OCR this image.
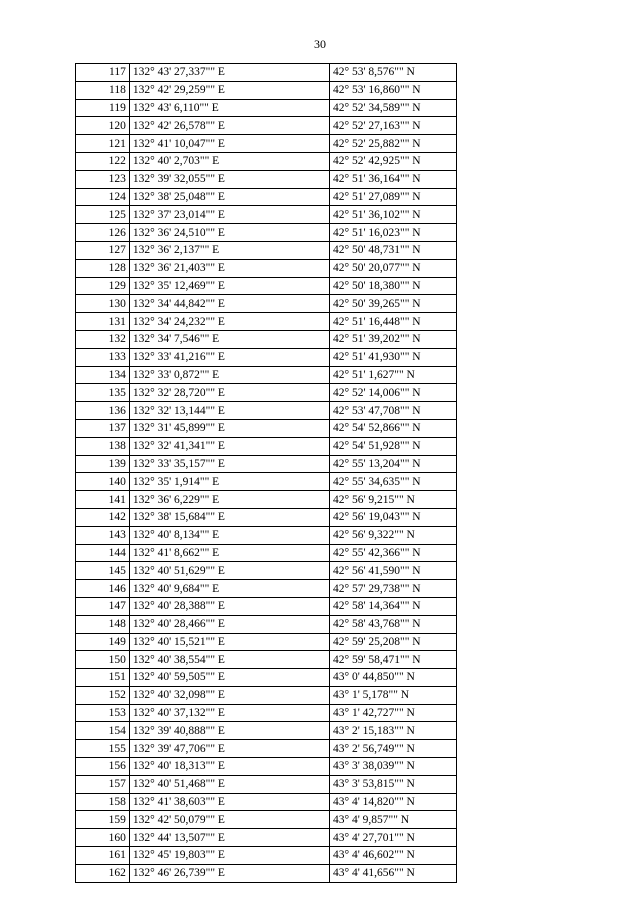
30
117	132° 43' 27,337"" E	42° 53' 8,576"" N
118	132° 42' 29,259"" E	42° 53' 16,860"" N
119	132° 43' 6,110"" E	42° 52' 34,589"" N
120	132° 42' 26,578"" E	42° 52' 27,163"" N
121	132° 41' 10,047"" E	42° 52' 25,882"" N
122	132° 40' 2,703"" E	42° 52' 42,925"" N
123	132° 39' 32,055"" E	42° 51' 36,164"" N
124	132° 38' 25,048"" E	42° 51' 27,089"" N
125	132° 37' 23,014"" E	42° 51' 36,102"" N
126	132° 36' 24,510"" E	42° 51' 16,023"" N
127	132° 36' 2,137"" E	42° 50' 48,731"" N
128	132° 36' 21,403"" E	42° 50' 20,077"" N
129	132° 35' 12,469"" E	42° 50' 18,380"" N
130	132° 34' 44,842"" E	42° 50' 39,265"" N
131	132° 34' 24,232"" E	42° 51' 16,448"" N
132	132° 34' 7,546"" E	42° 51' 39,202"" N
133	132° 33' 41,216"" E	42° 51' 41,930"" N
134	132° 33' 0,872"" E	42° 51' 1,627"" N
135	132° 32' 28,720"" E	42° 52' 14,006"" N
136	132° 32' 13,144"" E	42° 53' 47,708"" N
137	132° 31' 45,899"" E	42° 54' 52,866"" N
138	132° 32' 41,341"" E	42° 54' 51,928"" N
139	132° 33' 35,157"" E	42° 55' 13,204"" N
140	132° 35' 1,914"" E	42° 55' 34,635"" N
141	132° 36' 6,229"" E	42° 56' 9,215"" N
142	132° 38' 15,684"" E	42° 56' 19,043"" N
143	132° 40' 8,134"" E	42° 56' 9,322"" N
144	132° 41' 8,662"" E	42° 55' 42,366"" N
145	132° 40' 51,629"" E	42° 56' 41,590"" N
146	132° 40' 9,684"" E	42° 57' 29,738"" N
147	132° 40' 28,388"" E	42° 58' 14,364"" N
148	132° 40' 28,466"" E	42° 58' 43,768"" N
149	132° 40' 15,521"" E	42° 59' 25,208"" N
150	132° 40' 38,554"" E	42° 59' 58,471"" N
151	132° 40' 59,505"" E	43° 0' 44,850"" N
152	132° 40' 32,098"" E	43° 1' 5,178"" N
153	132° 40' 37,132"" E	43° 1' 42,727"" N
154	132° 39' 40,888"" E	43° 2' 15,183"" N
155	132° 39' 47,706"" E	43° 2' 56,749"" N
156	132° 40' 18,313"" E	43° 3' 38,039"" N
157	132° 40' 51,468"" E	43° 3' 53,815"" N
158	132° 41' 38,603"" E	43° 4' 14,820"" N
159	132° 42' 50,079"" E	43° 4' 9,857"" N
160	132° 44' 13,507"" E	43° 4' 27,701"" N
161	132° 45' 19,803"" E	43° 4' 46,602"" N
162	132° 46' 26,739"" E	43° 4' 41,656"" N
